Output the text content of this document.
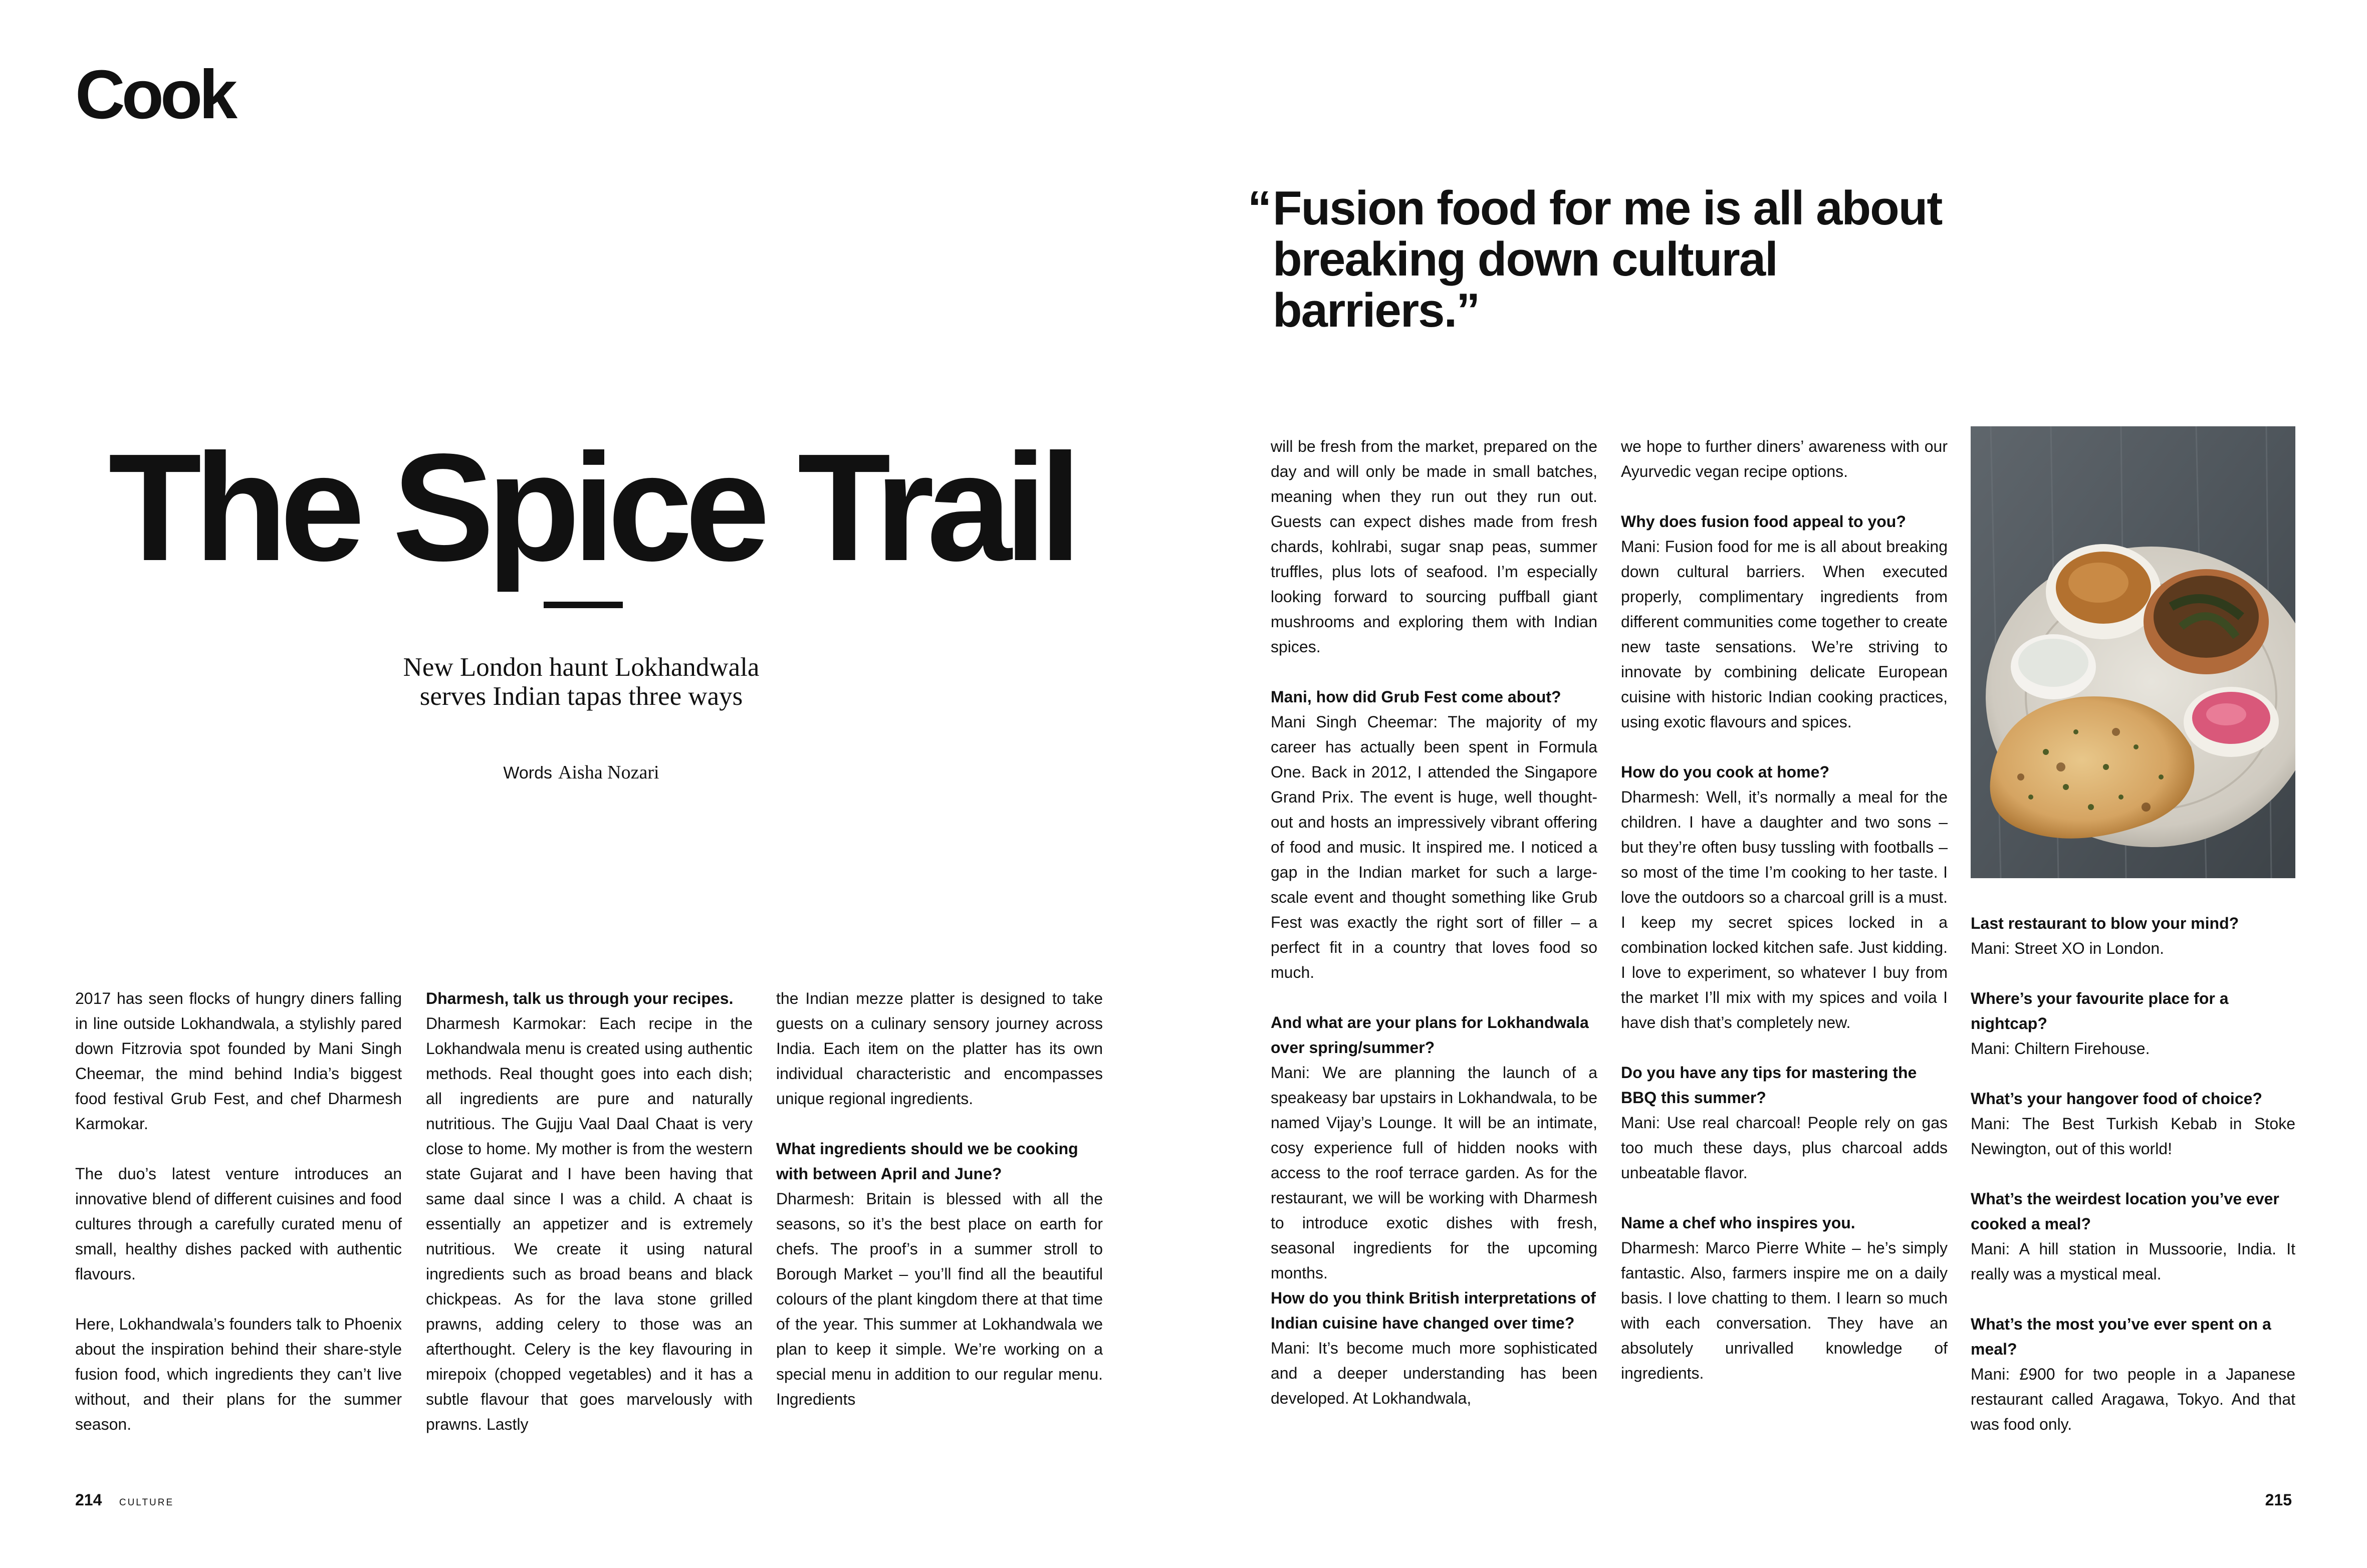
Cook
“ Fusion food for me is all about breaking down cultural barriers.”
The Spice Trail

New London haunt Lokhandwala
serves Indian tapas three ways

Words Aisha Nozari

2017 has seen flocks of hungry diners falling in line outside Lokhandwala, a stylishly pared down Fitzrovia spot founded by Mani Singh Cheemar, the mind behind India’s biggest food festival Grub Fest, and chef Dharmesh Karmokar.

The duo’s latest venture introduces an innovative blend of different cuisines and food cultures through a carefully curated menu of small, healthy dishes packed with authentic flavours.

Here, Lokhandwala’s founders talk to Phoenix about the inspiration behind their share-style fusion food, which ingredients they can’t live without, and their plans for the summer season.

Dharmesh, talk us through your recipes.
Dharmesh Karmokar: Each recipe in the Lokhandwala menu is created using authentic methods. Real thought goes into each dish; all ingredients are pure and naturally nutritious. The Gujju Vaal Daal Chaat is very close to home. My mother is from the western state Gujarat and I have been having that same daal since I was a child. A chaat is essentially an appetizer and is extremely nutritious. We create it using natural ingredients such as broad beans and black chickpeas. As for the lava stone grilled prawns, adding celery to those was an afterthought. Celery is the key flavouring in mirepoix (chopped vegetables) and it has a subtle flavour that goes marvelously with prawns. Lastly

the Indian mezze platter is designed to take guests on a culinary sensory journey across India. Each item on the platter has its own individual characteristic and encompasses unique regional ingredients.

What ingredients should we be cooking with between April and June?
Dharmesh: Britain is blessed with all the seasons, so it’s the best place on earth for chefs. The proof’s in a summer stroll to Borough Market – you’ll find all the beautiful colours of the plant kingdom there at that time of the year. This summer at Lokhandwala we plan to keep it simple. We’re working on a special menu in addition to our regular menu. Ingredients

will be fresh from the market, prepared on the day and will only be made in small batches, meaning when they run out they run out. Guests can expect dishes made from fresh chards, kohlrabi, sugar snap peas, summer truffles, plus lots of seafood. I’m especially looking forward to sourcing puffball giant mushrooms and exploring them with Indian spices.

Mani, how did Grub Fest come about?
Mani Singh Cheemar: The majority of my career has actually been spent in Formula One. Back in 2012, I attended the Singapore Grand Prix. The event is huge, well thought-out and hosts an impressively vibrant offering of food and music. It inspired me. I noticed a gap in the Indian market for such a large-scale event and thought something like Grub Fest was exactly the right sort of filler – a perfect fit in a country that loves food so much.

And what are your plans for Lokhandwala over spring/summer?
Mani: We are planning the launch of a speakeasy bar upstairs in Lokhandwala, to be named Vijay’s Lounge. It will be an intimate, cosy experience full of hidden nooks with access to the roof terrace garden. As for the restaurant, we will be working with Dharmesh to introduce exotic dishes with fresh, seasonal ingredients for the upcoming months.

How do you think British interpretations of Indian cuisine have changed over time?
Mani: It’s become much more sophisticated and a deeper understanding has been developed. At Lokhandwala,

we hope to further diners’ awareness with our Ayurvedic vegan recipe options.

Why does fusion food appeal to you?
Mani: Fusion food for me is all about breaking down cultural barriers. When executed properly, complimentary ingredients from different communities come together to create new taste sensations. We’re striving to innovate by combining delicate European cuisine with historic Indian cooking practices, using exotic flavours and spices.

How do you cook at home?
Dharmesh: Well, it’s normally a meal for the children. I have a daughter and two sons – but they’re often busy tussling with footballs – so most of the time I’m cooking to her taste. I love the outdoors so a charcoal grill is a must. I keep my secret spices locked in a combination locked kitchen safe. Just kidding. I love to experiment, so whatever I buy from the market I’ll mix with my spices and voila I have dish that’s completely new.

Do you have any tips for mastering the BBQ this summer?
Mani: Use real charcoal! People rely on gas too much these days, plus charcoal adds unbeatable flavor.

Name a chef who inspires you.
Dharmesh: Marco Pierre White – he’s simply fantastic. Also, farmers inspire me on a daily basis. I love chatting to them. I learn so much with each conversation. They have an absolutely unrivalled knowledge of ingredients.

Last restaurant to blow your mind?
Mani: Street XO in London.

Where’s your favourite place for a nightcap?
Mani: Chiltern Firehouse.

What’s your hangover food of choice?
Mani: The Best Turkish Kebab in Stoke Newington, out of this world!

What’s the weirdest location you’ve ever cooked a meal?
Mani: A hill station in Mussoorie, India. It really was a mystical meal.

What’s the most you’ve ever spent on a meal?
Mani: £900 for two people in a Japanese restaurant called Aragawa, Tokyo. And that was food only.

214 CULTURE	215
